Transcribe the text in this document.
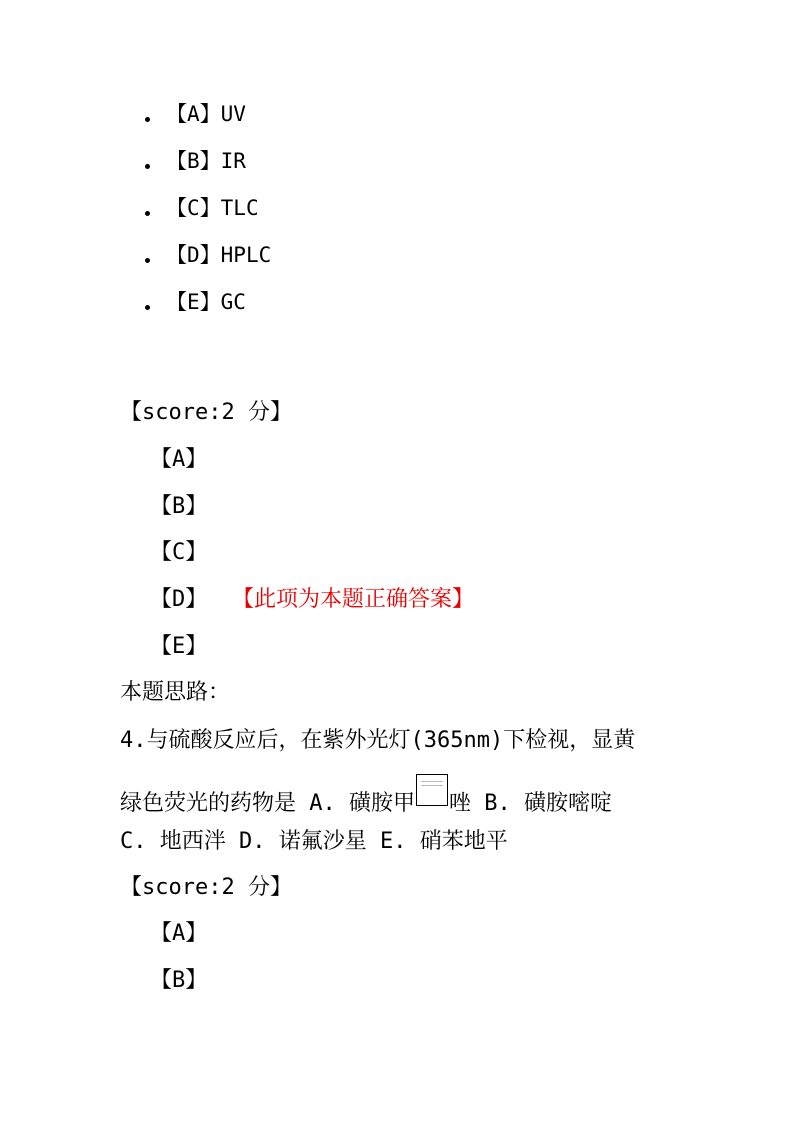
【A】UV
【B】IR
【C】TLC
【D】HPLC
【E】GC
【score:2 分】
【A】
【B】
【C】
【D】 【此项为本题正确答案】
【E】
本题思路：
4.与硫酸反应后，在紫外光灯(365nm)下检视，显黄
绿色荧光的药物是 A. 磺胺甲 唑 B. 磺胺嘧啶
C. 地西泮 D. 诺氟沙星 E. 硝苯地平
【score:2 分】
【A】
【B】
